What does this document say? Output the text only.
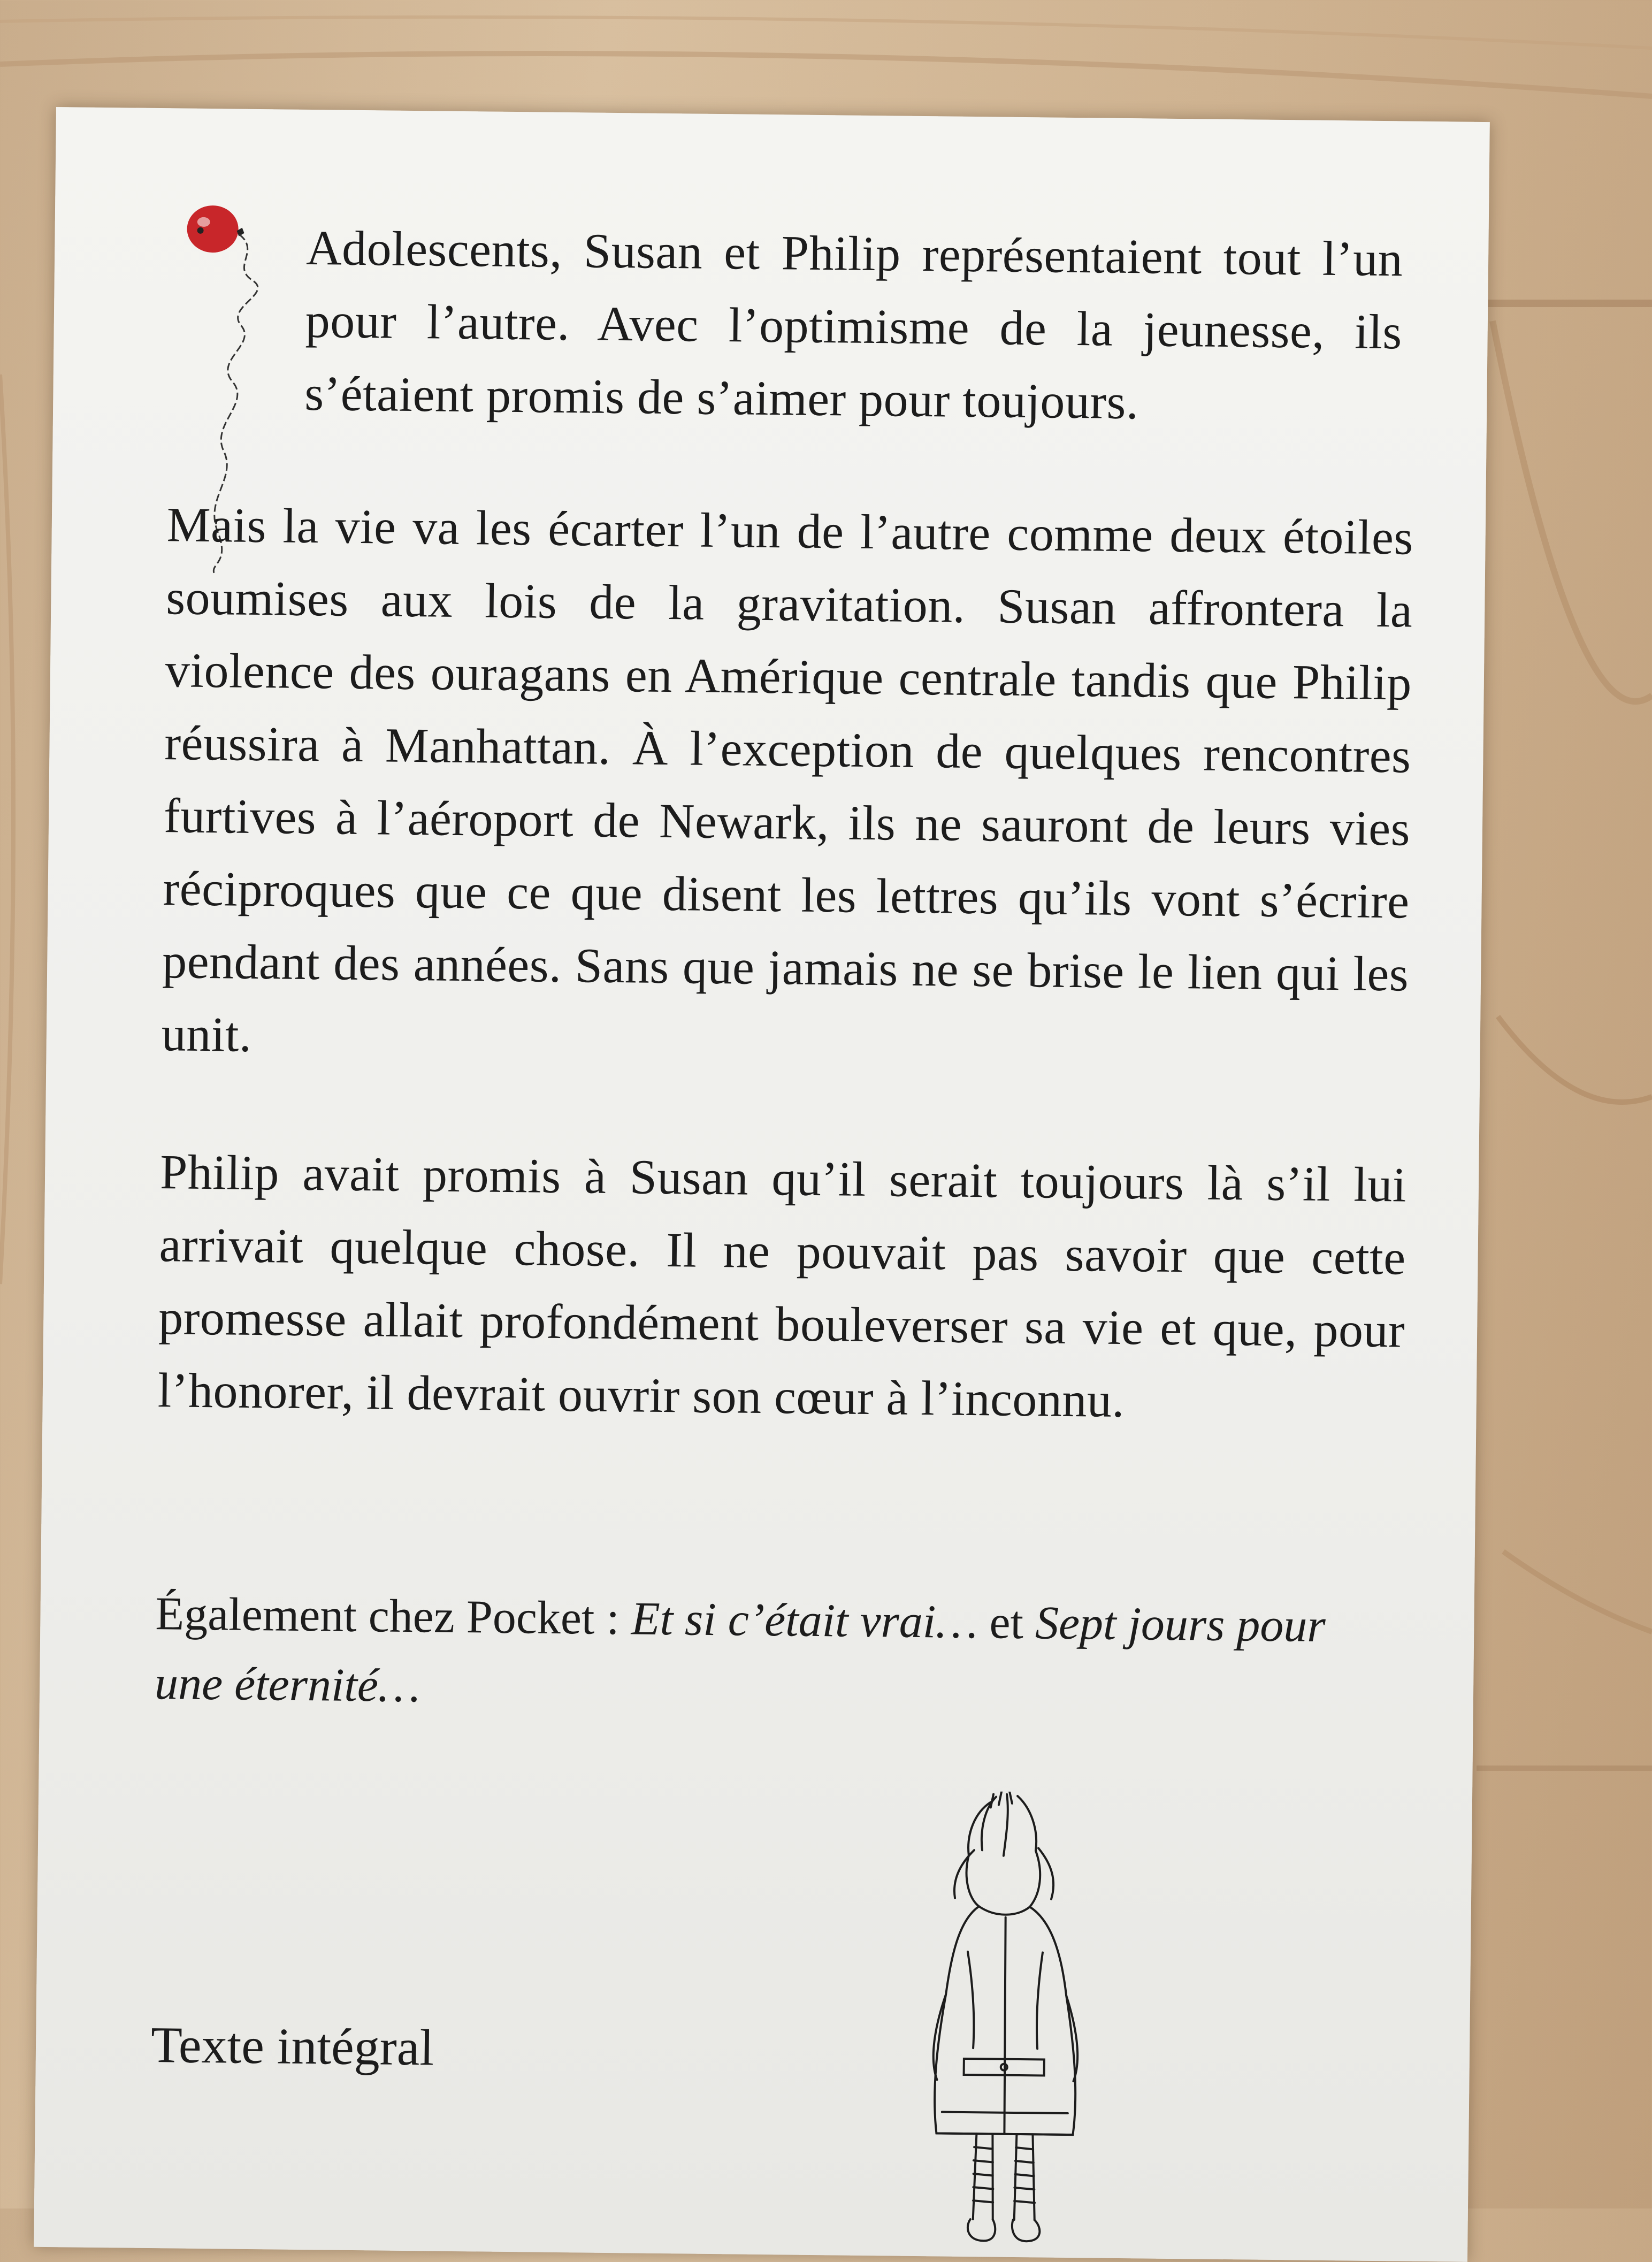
Adolescents, Susan et Philip représentaient tout l’un pour l’autre. Avec l’optimisme de la jeunesse, ils s’étaient promis de s’aimer pour toujours.

Mais la vie va les écarter l’un de l’autre comme deux étoiles soumises aux lois de la gravitation. Susan affrontera la violence des ouragans en Amérique centrale tandis que Philip réussira à Manhattan. À l’exception de quelques rencontres furtives à l’aéroport de Newark, ils ne sauront de leurs vies réciproques que ce que disent les lettres qu’ils vont s’écrire pendant des années. Sans que jamais ne se brise le lien qui les unit.

Philip avait promis à Susan qu’il serait toujours là s’il lui arrivait quelque chose. Il ne pouvait pas savoir que cette promesse allait profondément bouleverser sa vie et que, pour l’honorer, il devrait ouvrir son cœur à l’inconnu.

Également chez Pocket : Et si c’était vrai… et Sept jours pour une éternité…

Texte intégral
